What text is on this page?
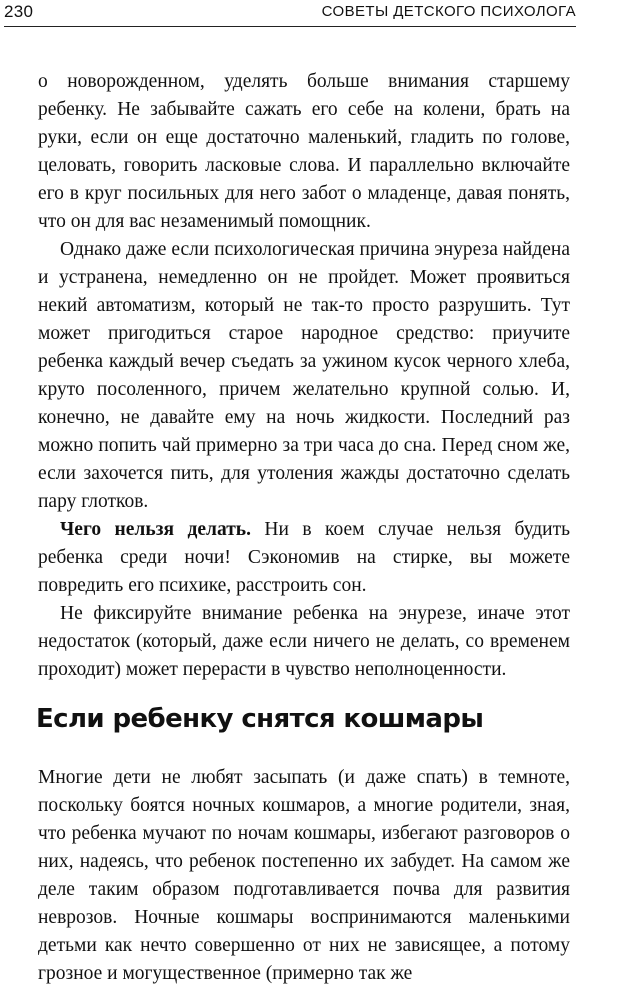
230	СОВЕТЫ ДЕТСКОГО ПСИХОЛОГА

о новорожденном, уделять больше внимания старшему ребенку. Не забывайте сажать его себе на колени, брать на руки, если он еще достаточно маленький, гладить по голове, целовать, говорить ласковые слова. И параллельно включайте его в круг посильных для него забот о младенце, давая понять, что он для вас незаменимый помощник.

Однако даже если психологическая причина энуреза найдена и устранена, немедленно он не пройдет. Может проявиться некий автоматизм, который не так-то просто разрушить. Тут может пригодиться старое народное средство: приучите ребенка каждый вечер съедать за ужином кусок черного хлеба, круто посоленного, причем желательно крупной солью. И, конечно, не давайте ему на ночь жидкости. Последний раз можно попить чай примерно за три часа до сна. Перед сном же, если захочется пить, для утоления жажды достаточно сделать пару глотков.

Чего нельзя делать. Ни в коем случае нельзя будить ребенка среди ночи! Сэкономив на стирке, вы можете повредить его психике, расстроить сон.

Не фиксируйте внимание ребенка на энурезе, иначе этот недостаток (который, даже если ничего не делать, со временем проходит) может перерасти в чувство неполноценности.

Если ребенку снятся кошмары

Многие дети не любят засыпать (и даже спать) в темноте, поскольку боятся ночных кошмаров, а многие родители, зная, что ребенка мучают по ночам кошмары, избегают разговоров о них, надеясь, что ребенок постепенно их забудет. На самом же деле таким образом подготавливается почва для развития неврозов. Ночные кошмары воспринимаются маленькими детьми как нечто совершенно от них не зависящее, а потому грозное и могущественное (примерно так же
